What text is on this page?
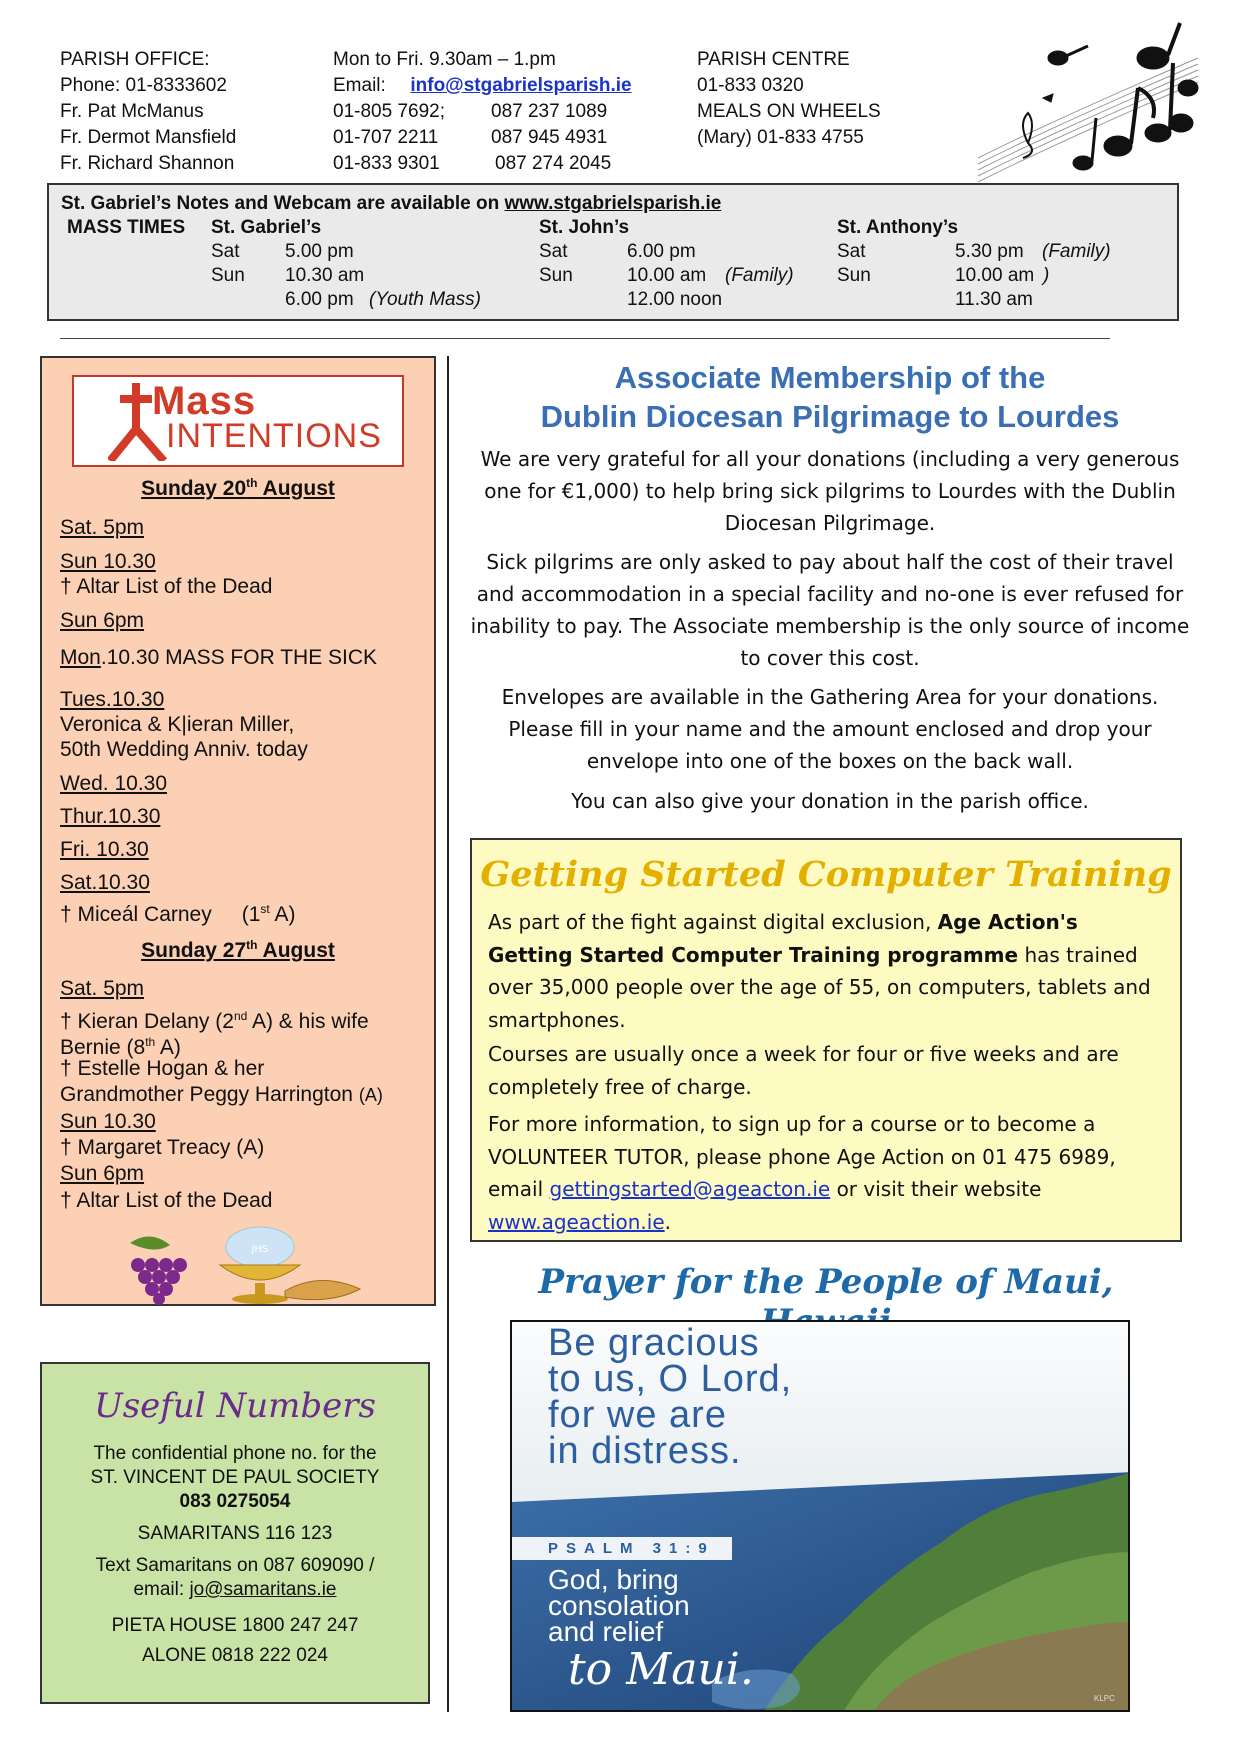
PARISH OFFICE:
Phone: 01-8333602
Fr. Pat McManus
Fr. Dermot Mansfield
Fr. Richard Shannon
Mon to Fri. 9.30am – 1.pm
Email: info@stgabrielsparish.ie
01-805 7692; 087 237 1089
01-707 2211	087 945 4931
01-833 9301	087 274 2045
PARISH CENTRE
01-833 0320
MEALS ON WHEELS
(Mary) 01-833 4755
St. Gabriel’s Notes and Webcam are available on www.stgabrielsparish.ie
MASS TIMES St. Gabriel’s
Sat 5.00 pm
Sun 10.30 am
6.00 pm (Youth Mass)
St. John’s
Sat	6.00 pm
Sun	10.00 am (Family)
12.00 noon
St. Anthony’s
Sat	5.30 pm (Family)
Sun	10.00 am )
11.30 am
Mass
INTENTIONS
Sunday 20th August
Sat. 5pm
Sun 10.30
† Altar List of the Dead
Sun 6pm
Mon.10.30 MASS FOR THE SICK
Tues.10.30
Veronica & K|ieran Miller,
50th Wedding Anniv. today
Wed. 10.30
Thur.10.30
Fri. 10.30
Sat.10.30
† Miceál Carney (1st A)
Sunday 27th August
Sat. 5pm
† Kieran Delany (2nd A) & his wife
Bernie (8th A)
† Estelle Hogan & her
Grandmother Peggy Harrington (A)
Sun 10.30
† Margaret Treacy (A)
Sun 6pm
† Altar List of the Dead
JHS
Useful Numbers
The confidential phone no. for the
ST. VINCENT DE PAUL SOCIETY
083 0275054
SAMARITANS 116 123
Text Samaritans on 087 609090 /
email: jo@samaritans.ie
PIETA HOUSE 1800 247 247
ALONE 0818 222 024
Associate Membership of the
Dublin Diocesan Pilgrimage to Lourdes
We are very grateful for all your donations (including a very generous one for €1,000) to help bring sick pilgrims to Lourdes with the Dublin Diocesan Pilgrimage.
Sick pilgrims are only asked to pay about half the cost of their travel and accommodation in a special facility and no-one is ever refused for inability to pay. The Associate membership is the only source of income to cover this cost.
Envelopes are available in the Gathering Area for your donations. Please fill in your name and the amount enclosed and drop your envelope into one of the boxes on the back wall.
You can also give your donation in the parish office.
Getting Started Computer Training
As part of the fight against digital exclusion, Age Action's Getting Started Computer Training programme has trained over 35,000 people over the age of 55, on computers, tablets and smartphones.
Courses are usually once a week for four or five weeks and are completely free of charge.
For more information, to sign up for a course or to become a VOLUNTEER TUTOR, please phone Age Action on 01 475 6989, email gettingstarted@ageacton.ie or visit their website www.ageaction.ie.
Prayer for the People of Maui,
Be gracious
to us, O Lord,
for we are
in distress.
PSALM 31:9
God, bring
consolation
and relief
to Maui.
KLPC
